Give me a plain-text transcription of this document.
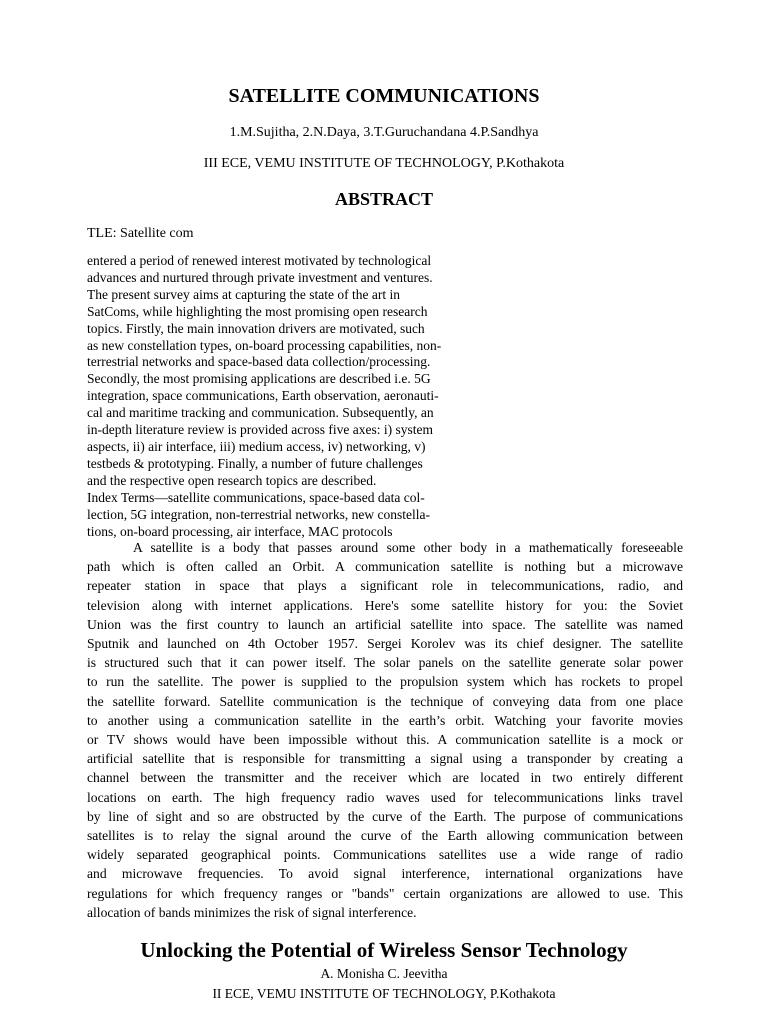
SATELLITE COMMUNICATIONS
1.M.Sujitha, 2.N.Daya, 3.T.Guruchandana 4.P.Sandhya
III ECE, VEMU INSTITUTE OF TECHNOLOGY, P.Kothakota
ABSTRACT
TLE: Satellite com
entered a period of renewed interest motivated by technological
advances and nurtured through private investment and ventures.
The present survey aims at capturing the state of the art in
SatComs, while highlighting the most promising open research
topics. Firstly, the main innovation drivers are motivated, such
as new constellation types, on-board processing capabilities, non-
terrestrial networks and space-based data collection/processing.
Secondly, the most promising applications are described i.e. 5G
integration, space communications, Earth observation, aeronauti-
cal and maritime tracking and communication. Subsequently, an
in-depth literature review is provided across five axes: i) system
aspects, ii) air interface, iii) medium access, iv) networking, v)
testbeds & prototyping. Finally, a number of future challenges
and the respective open research topics are described.
Index Terms—satellite communications, space-based data col-
lection, 5G integration, non-terrestrial networks, new constella-
tions, on-board processing, air interface, MAC protocols
A satellite is a body that passes around some other body in a mathematically foreseeable
path which is often called an Orbit. A communication satellite is nothing but a microwave
repeater station in space that plays a significant role in telecommunications, radio, and
television along with internet applications. Here's some satellite history for you: the Soviet
Union was the first country to launch an artificial satellite into space. The satellite was named
Sputnik and launched on 4th October 1957. Sergei Korolev was its chief designer. The satellite
is structured such that it can power itself. The solar panels on the satellite generate solar power
to run the satellite. The power is supplied to the propulsion system which has rockets to propel
the satellite forward. Satellite communication is the technique of conveying data from one place
to another using a communication satellite in the earth’s orbit. Watching your favorite movies
or TV shows would have been impossible without this. A communication satellite is a mock or
artificial satellite that is responsible for transmitting a signal using a transponder by creating a
channel between the transmitter and the receiver which are located in two entirely different
locations on earth. The high frequency radio waves used for telecommunications links travel
by line of sight and so are obstructed by the curve of the Earth. The purpose of communications
satellites is to relay the signal around the curve of the Earth allowing communication between
widely separated geographical points. Communications satellites use a wide range of radio
and microwave frequencies. To avoid signal interference, international organizations have
regulations for which frequency ranges or "bands" certain organizations are allowed to use. This
allocation of bands minimizes the risk of signal interference.
Unlocking the Potential of Wireless Sensor Technology
A. Monisha C. Jeevitha
II ECE, VEMU INSTITUTE OF TECHNOLOGY, P.Kothakota
